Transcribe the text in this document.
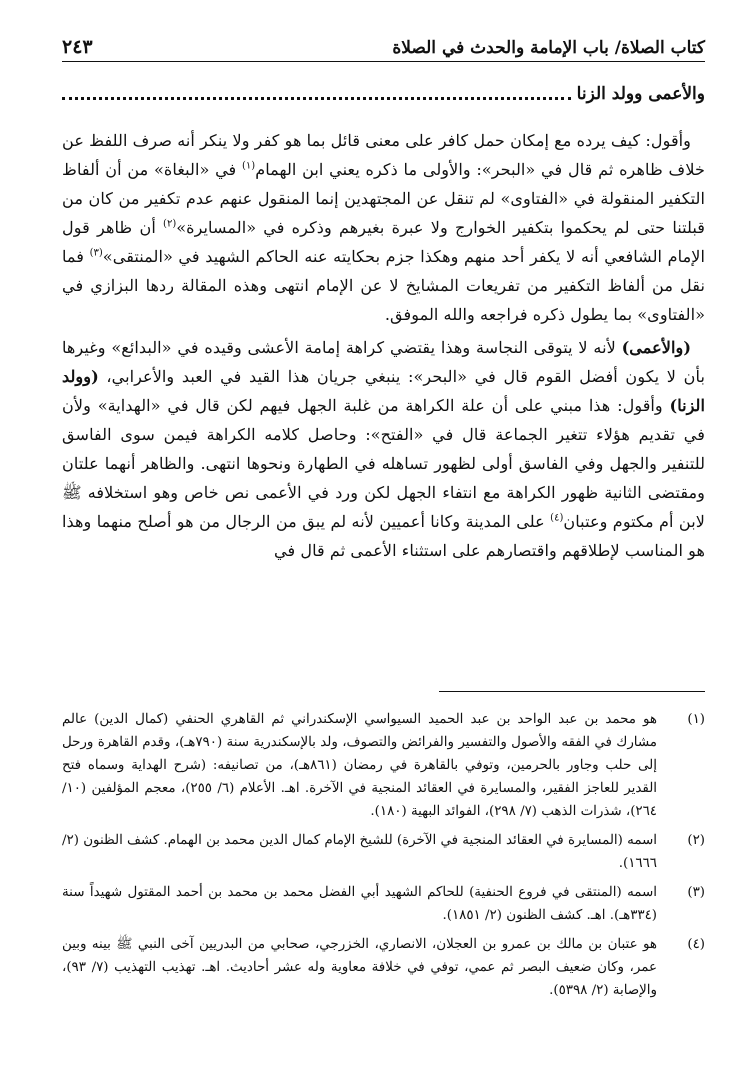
كتاب الصلاة/ باب الإمامة والحدث في الصلاة
٢٤٣
والأعمى وولد الزنا

وأقول: كيف يرده مع إمكان حمل كافر على معنى قائل بما هو كفر ولا ينكر أنه صرف اللفظ عن خلاف ظاهره ثم قال في «البحر»: والأولى ما ذكره يعني ابن الهمام$^{(١)}$ في «البغاة» من أن ألفاظ التكفير المنقولة في «الفتاوى» لم تنقل عن المجتهدين إنما المنقول عنهم عدم تكفير من كان من قبلتنا حتى لم يحكموا بتكفير الخوارج ولا عبرة بغيرهم وذكره في «المسايرة»$^{(٢)}$ أن ظاهر قول الإمام الشافعي أنه لا يكفر أحد منهم وهكذا جزم بحكايته عنه الحاكم الشهيد في «المنتقى»$^{(٣)}$ فما نقل من ألفاظ التكفير من تفريعات المشايخ لا عن الإمام انتهى وهذه المقالة ردها البزازي في «الفتاوى» بما يطول ذكره فراجعه والله الموفق.

(والأعمى) لأنه لا يتوقى النجاسة وهذا يقتضي كراهة إمامة الأعشى وقيده في «البدائع» وغيرها بأن لا يكون أفضل القوم قال في «البحر»: ينبغي جريان هذا القيد في العبد والأعرابي، (وولد الزنا) وأقول: هذا مبني على أن علة الكراهة من غلبة الجهل فيهم لكن قال في «الهداية» ولأن في تقديم هؤلاء تتغير الجماعة قال في «الفتح»: وحاصل كلامه الكراهة فيمن سوى الفاسق للتنفير والجهل وفي الفاسق أولى لظهور تساهله في الطهارة ونحوها انتهى. والظاهر أنهما علتان ومقتضى الثانية ظهور الكراهة مع انتفاء الجهل لكن ورد في الأعمى نص خاص وهو استخلافه ﷺ لابن أم مكتوم وعتبان$^{(٤)}$ على المدينة وكانا أعميين لأنه لم يبق من الرجال من هو أصلح منهما وهذا هو المناسب لإطلاقهم واقتصارهم على استثناء الأعمى ثم قال في

(١)
هو محمد بن عبد الواحد بن عبد الحميد السيواسي الإسكندراني ثم القاهري الحنفي (كمال الدين) عالم مشارك في الفقه والأصول والتفسير والفرائض والتصوف، ولد بالإسكندرية سنة (٧٩٠هـ)، وقدم القاهرة ورحل إلى حلب وجاور بالحرمين، وتوفي بالقاهرة في رمضان (٨٦١هـ)، من تصانيفه: (شرح الهداية وسماه فتح القدير للعاجز الفقير، والمسايرة في العقائد المنجية في الآخرة. اهـ. الأعلام (٦/ ٢٥٥)، معجم المؤلفين (١٠/ ٢٦٤)، شذرات الذهب (٧/ ٢٩٨)، الفوائد البهية (١٨٠).
(٢)
اسمه (المسايرة في العقائد المنجية في الآخرة) للشيخ الإمام كمال الدين محمد بن الهمام. كشف الظنون (٢/ ١٦٦٦).
(٣)
اسمه (المنتقى في فروع الحنفية) للحاكم الشهيد أبي الفضل محمد بن محمد بن أحمد المقتول شهيداً سنة (٣٣٤هـ). اهـ. كشف الظنون (٢/ ١٨٥١).
(٤)
هو عتبان بن مالك بن عمرو بن العجلان، الانصاري، الخزرجي، صحابي من البدريين آخى النبي ﷺ بينه وبين عمر، وكان ضعيف البصر ثم عمي، توفي في خلافة معاوية وله عشر أحاديث. اهـ. تهذيب التهذيب (٧/ ٩٣)، والإصابة (٢/ ٥٣٩٨).
